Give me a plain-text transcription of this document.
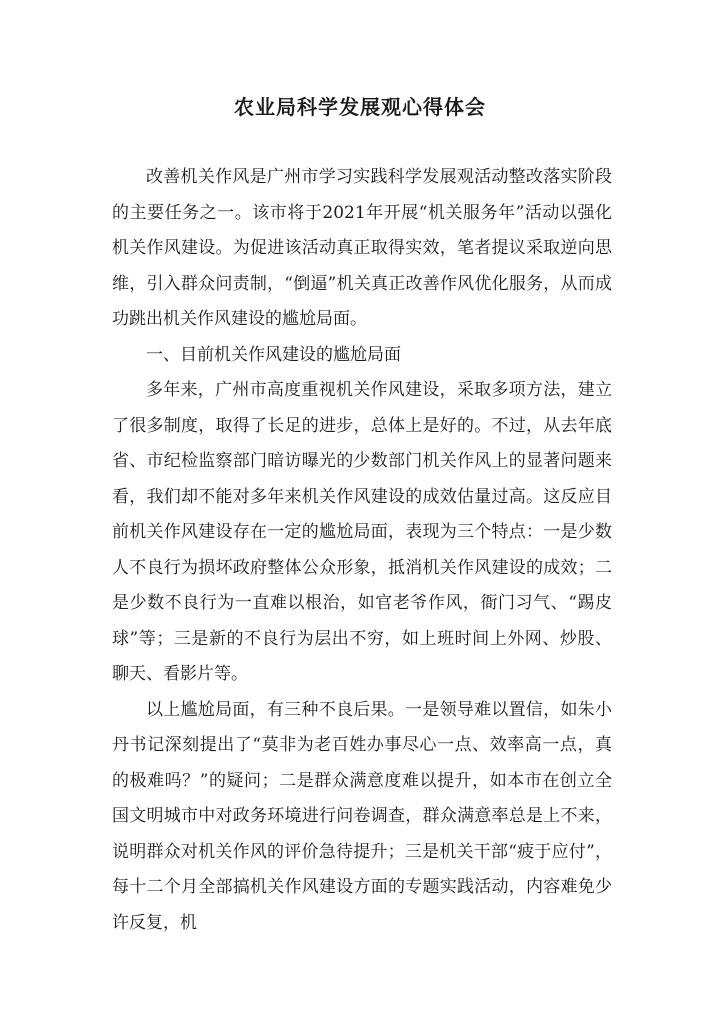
农业局科学发展观心得体会

改善机关作风是广州市学习实践科学发展观活动整改落实阶段的主要任务之一。该市将于2021年开展“机关服务年”活动以强化机关作风建设。为促进该活动真正取得实效，笔者提议采取逆向思维，引入群众问责制，“倒逼”机关真正改善作风优化服务，从而成功跳出机关作风建设的尴尬局面。

一、目前机关作风建设的尴尬局面

多年来，广州市高度重视机关作风建设，采取多项方法，建立了很多制度，取得了长足的进步，总体上是好的。不过，从去年底省、市纪检监察部门暗访曝光的少数部门机关作风上的显著问题来看，我们却不能对多年来机关作风建设的成效估量过高。这反应目前机关作风建设存在一定的尴尬局面，表现为三个特点：一是少数人不良行为损坏政府整体公众形象，抵消机关作风建设的成效；二是少数不良行为一直难以根治，如官老爷作风，衙门习气、“踢皮球”等；三是新的不良行为层出不穷，如上班时间上外网、炒股、聊天、看影片等。

以上尴尬局面，有三种不良后果。一是领导难以置信，如朱小丹书记深刻提出了“莫非为老百姓办事尽心一点、效率高一点，真的极难吗？”的疑问；二是群众满意度难以提升，如本市在创立全国文明城市中对政务环境进行问卷调查，群众满意率总是上不来，说明群众对机关作风的评价急待提升；三是机关干部“疲于应付”，每十二个月全部搞机关作风建设方面的专题实践活动，内容难免少许反复，机
